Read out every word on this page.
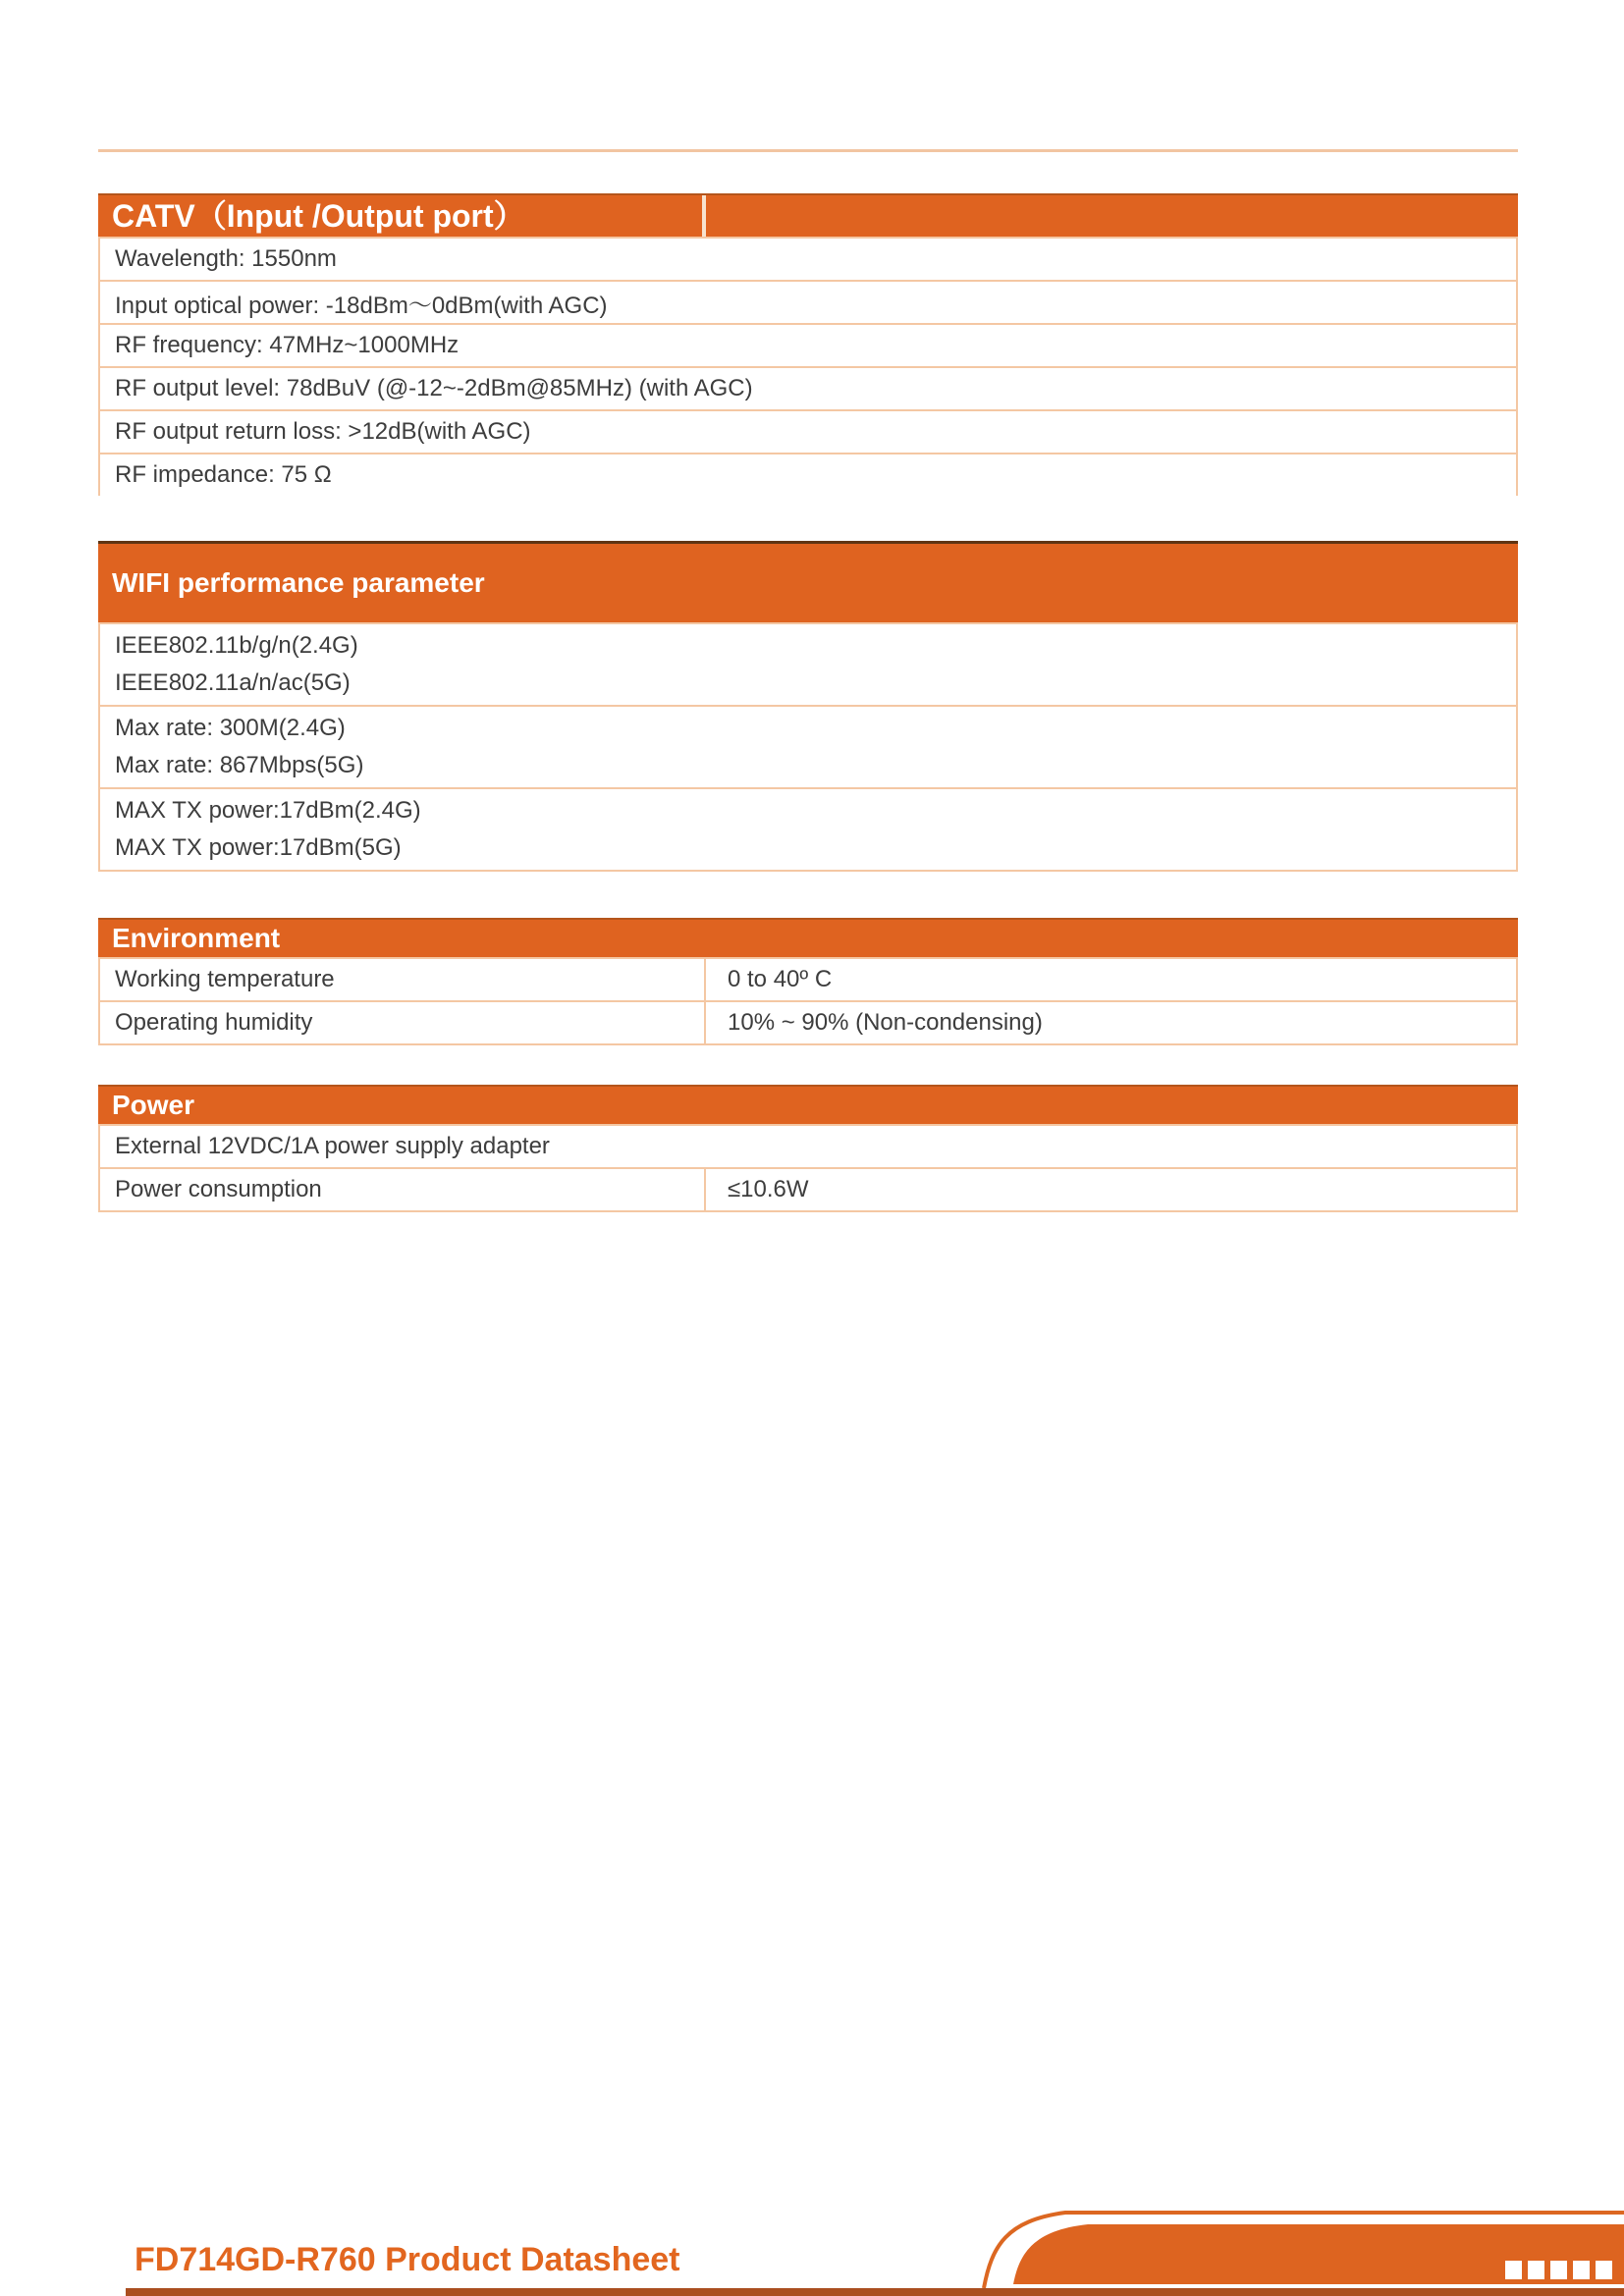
CATV（Input /Output port）
Wavelength: 1550nm
Input optical power: -18dBm～0dBm(with AGC)
RF frequency: 47MHz~1000MHz
RF output level: 78dBuV (@-12~-2dBm@85MHz) (with AGC)
RF output return loss: >12dB(with AGC)
RF impedance: 75 Ω
WIFI performance parameter
IEEE802.11b/g/n(2.4G)
IEEE802.11a/n/ac(5G)
Max rate: 300M(2.4G)
Max rate: 867Mbps(5G)
MAX TX power:17dBm(2.4G)
MAX TX power:17dBm(5G)
Environment
Working temperature	0 to 40º C
Operating humidity	10% ~ 90% (Non-condensing)
Power
External 12VDC/1A power supply adapter
Power consumption	≤10.6W
FD714GD-R760 Product Datasheet
